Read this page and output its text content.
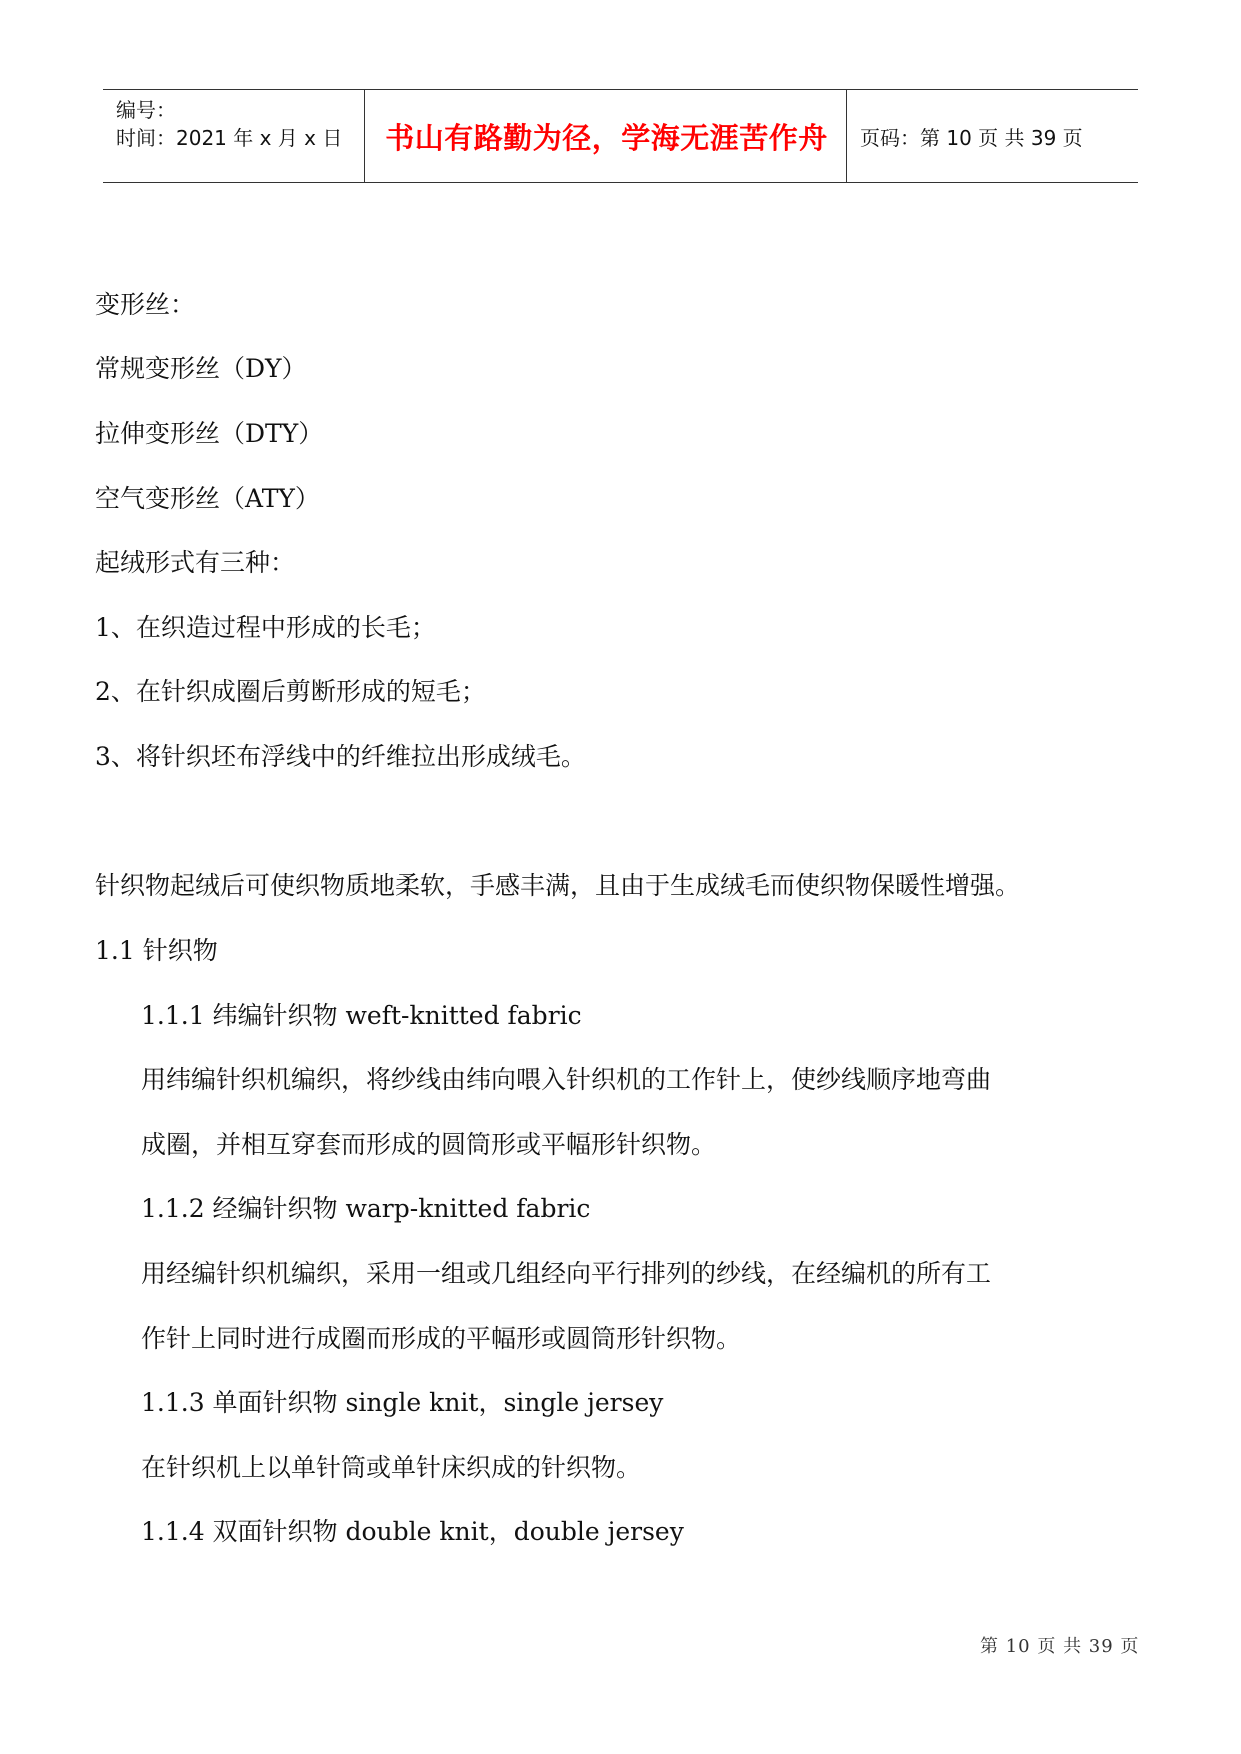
编号：
时间：2021 年 x 月 x 日	书山有路勤为径，学海无涯苦作舟	页码：第 10 页 共 39 页
变形丝：
常规变形丝（DY）
拉伸变形丝（DTY）
空气变形丝（ATY）
起绒形式有三种：
1、在织造过程中形成的长毛；
2、在针织成圈后剪断形成的短毛；
3、将针织坯布浮线中的纤维拉出形成绒毛。
针织物起绒后可使织物质地柔软，手感丰满，且由于生成绒毛而使织物保暖性增强。
1.1 针织物
1.1.1 纬编针织物 weft-knitted fabric
用纬编针织机编织，将纱线由纬向喂入针织机的工作针上，使纱线顺序地弯曲
成圈，并相互穿套而形成的圆筒形或平幅形针织物。
1.1.2 经编针织物 warp-knitted fabric
用经编针织机编织，采用一组或几组经向平行排列的纱线，在经编机的所有工
作针上同时进行成圈而形成的平幅形或圆筒形针织物。
1.1.3 单面针织物 single knit，single jersey
在针织机上以单针筒或单针床织成的针织物。
1.1.4 双面针织物 double knit，double jersey
第 10 页 共 39 页
